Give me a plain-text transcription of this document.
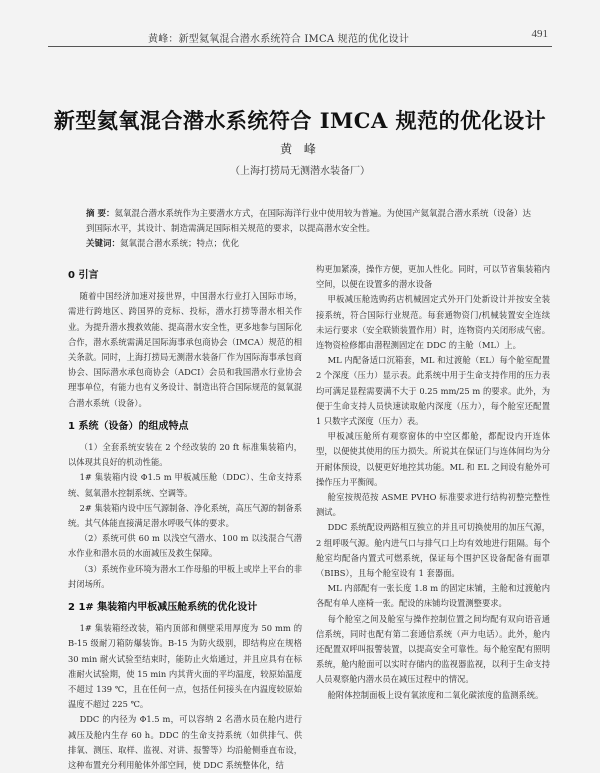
黄峰：新型氦氧混合潜水系统符合 IMCA 规范的优化设计	491
新型氦氧混合潜水系统符合 IMCA 规范的优化设计
黄 峰
（上海打捞局无测潜水装备厂）
摘 要：氦氧混合潜水系统作为主要潜水方式，在国际海洋行业中使用较为普遍。为使国产氦氧混合潜水系统（设备）达到国际水平，其设计、制造需满足国际相关规范的要求，以提高潜水安全性。
关键词：氦氧混合潜水系统；特点；优化
0 引言

随着中国经济加速对接世界，中国潜水行业打入国际市场，需进行跨地区、跨国界的竞标、投标，潜水打捞等潜水相关作业。为提升潜水搜救效能、提高潜水安全性，更多地参与国际化合作，潜水系统需满足国际海事承包商协会（IMCA）规范的相关条款。同时，上海打捞局无测潜水装备厂作为国际海事承包商协会、国际潜水承包商协会（ADCI）会员和我国潜水行业协会理事单位，有能力也有义务设计、制造出符合国际规范的氦氧混合潜水系统（设备）。

1 系统（设备）的组成特点

（1）全套系统安装在 2 个经改装的 20 ft 标准集装箱内，以体现其良好的机动性能。

1# 集装箱内设 Φ1.5 m 甲板减压舱（DDC）、生命支持系统、氦氧潜水控制系统、空调等。

2# 集装箱内设中压气源制备、净化系统，高压气源的制备系统。其气体能直接满足潜水呼吸气体的要求。

（2）系统可供 60 m 以浅空气潜水、100 m 以浅混合气潜水作业和潜水员的水面减压及救生保障。

（3）系统作业环境为潜水工作母船的甲板上或岸上平台的非封闭场所。

2 1# 集装箱内甲板减压舱系统的优化设计

1# 集装箱经改装，箱内顶部和侧壁采用厚度为 50 mm 的 B-15 级耐刀箱防爆装饰。B-15 为防火级别，即结构应在规格 30 min 耐火试验至结束时，能防止火焰通过，并且应具有在标准耐火试验期，使 15 min 内其背火面的平均温度，较原始温度不超过 139 ℃，且在任何一点，包括任何接头在内温度较原始温度不超过 225 ℃。

DDC 的内径为 Φ1.5 m，可以容纳 2 名潜水员在舱内进行减压及舱内生存 60 h。DDC 的生命支持系统（如供排气、供排氧、测压、取样、监视、对讲、报警等）均沿舱侧垂直布设，这种布置充分利用舱体外部空间，使 DDC 系统整体化，结

构更加紧凑，操作方便，更加人性化。同时，可以节省集装箱内空间，以便在设置多的潜水设备

甲板减压舱选购药店机械固定式外开门处新设计并按安全装接系统，符合国际行业规范。每套通物资门/机械装置安全连续未运行要求（安全联锁装置作用）时，连物资内关闭形成气密。连物资检修都由潜程测固定在 DDC 的主舱（ML）上。

ML 内配备适口沉箱套，ML 和过渡舱（EL）每个舱室配置 2 个深度（压力）显示表。此系统中用于生命支持作用的压力表均可满足显程需要满不大于 0.25 mm/25 m 的要求。此外，为便于生命支持人员快速读取舱内深度（压力），每个舱室还配置 1 只数字式深度（压力）表。

甲板减压舱所有观察窗体的中空区都舱，都配设内开连体型，以便使其使用的压力损失。所说其在保证门与连体间均为分开耐体预设，以便更好地控其功能。ML 和 EL 之间设有舱外可操作压力平衡阀。

舱室按规范按 ASME PVHO 标准要求进行结构初整完整性测试。

DDC 系统配设两路相互独立的并且可切换使用的加压气源，2 组呼吸气源。舱内进气口与排气口上均有效地进行阻隔。每个舱室均配备内置式可燃系统，保证每个围护区设备配备有面罩（BIBS），且每个舱室设有 1 套器面。

ML 内部配有一张长度 1.8 m 的固定床铺，主舱和过渡舱内各配有单人座椅一张。配设的床铺均设置测整要求。

每个舱室之间及舱室与操作控制位置之间均配有双向语音通信系统，同时也配有第二套通信系统（声力电话）。此外，舱内还配置双呼叫报警装置，以提高安全可靠性。每个舱室配有照明系统，舱内舱面可以实时存储内的监视器监视，以利于生命支持人员观察舱内潜水员在减压过程中的情况。

舱附体控制面板上设有氧浓度和二氧化碳浓度的监测系统。
